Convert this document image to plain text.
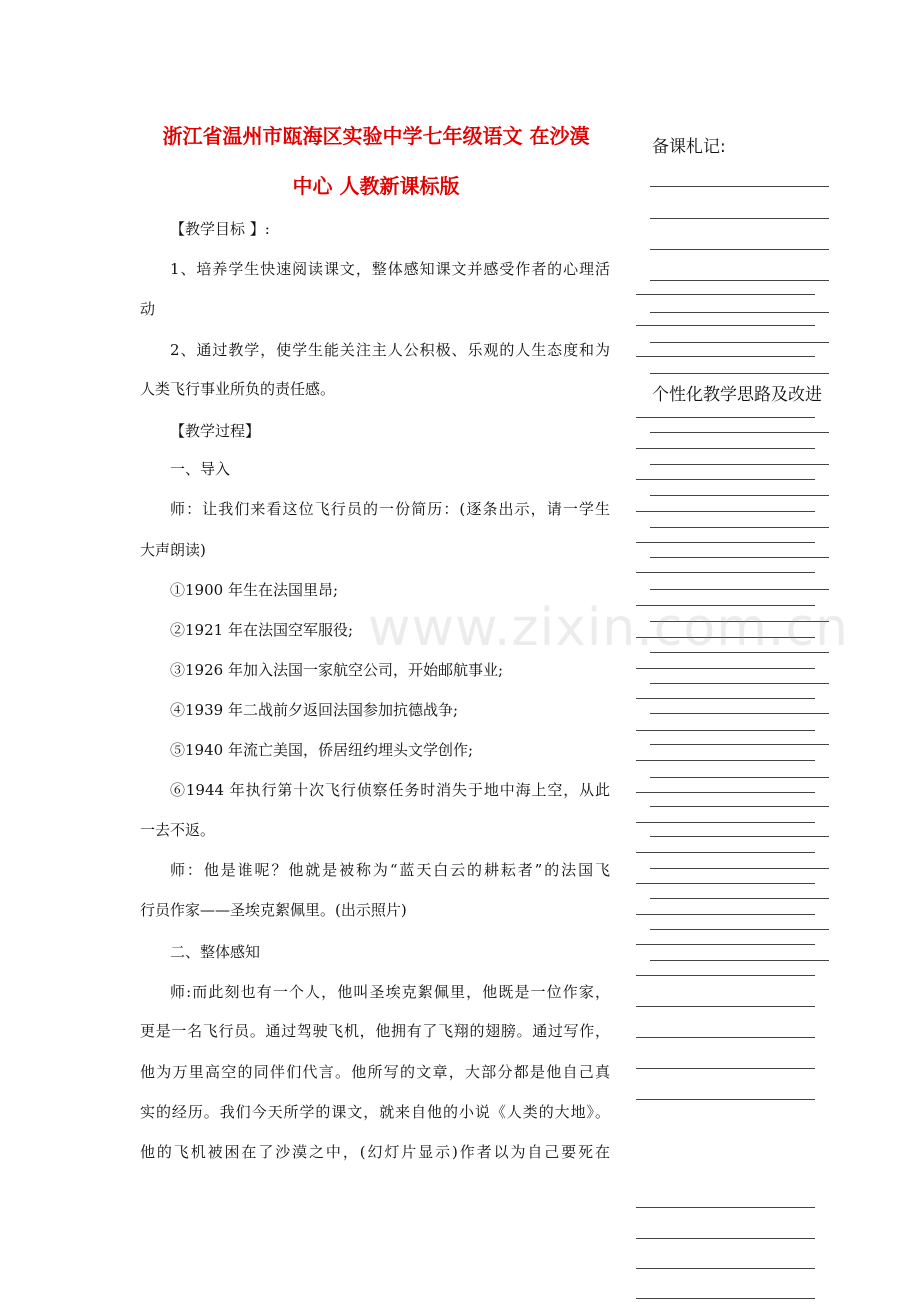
浙江省温州市瓯海区实验中学七年级语文 在沙漠
中心 人教新课标版
【教学目标 】:
1、培养学生快速阅读课文，整体感知课文并感受作者的心理活
动
2、通过教学，使学生能关注主人公积极、乐观的人生态度和为
人类飞行事业所负的责任感。
【教学过程】
一、导入
师：让我们来看这位飞行员的一份简历：(逐条出示，请一学生
大声朗读)
①1900 年生在法国里昂;
②1921 年在法国空军服役;
③1926 年加入法国一家航空公司，开始邮航事业;
④1939 年二战前夕返回法国参加抗德战争;
⑤1940 年流亡美国，侨居纽约埋头文学创作;
⑥1944 年执行第十次飞行侦察任务时消失于地中海上空，从此
一去不返。
师：他是谁呢？他就是被称为“蓝天白云的耕耘者”的法国飞
行员作家——圣埃克絮佩里。(出示照片)
二、整体感知
师:而此刻也有一个人，他叫圣埃克絮佩里，他既是一位作家，
更是一名飞行员。通过驾驶飞机，他拥有了飞翔的翅膀。通过写作，
他为万里高空的同伴们代言。他所写的文章，大部分都是他自己真
实的经历。我们今天所学的课文，就来自他的小说《人类的大地》。
他的飞机被困在了沙漠之中，(幻灯片显示)作者以为自己要死在
备课札记:
个性化教学思路及改进
www.zixin.com.cn
